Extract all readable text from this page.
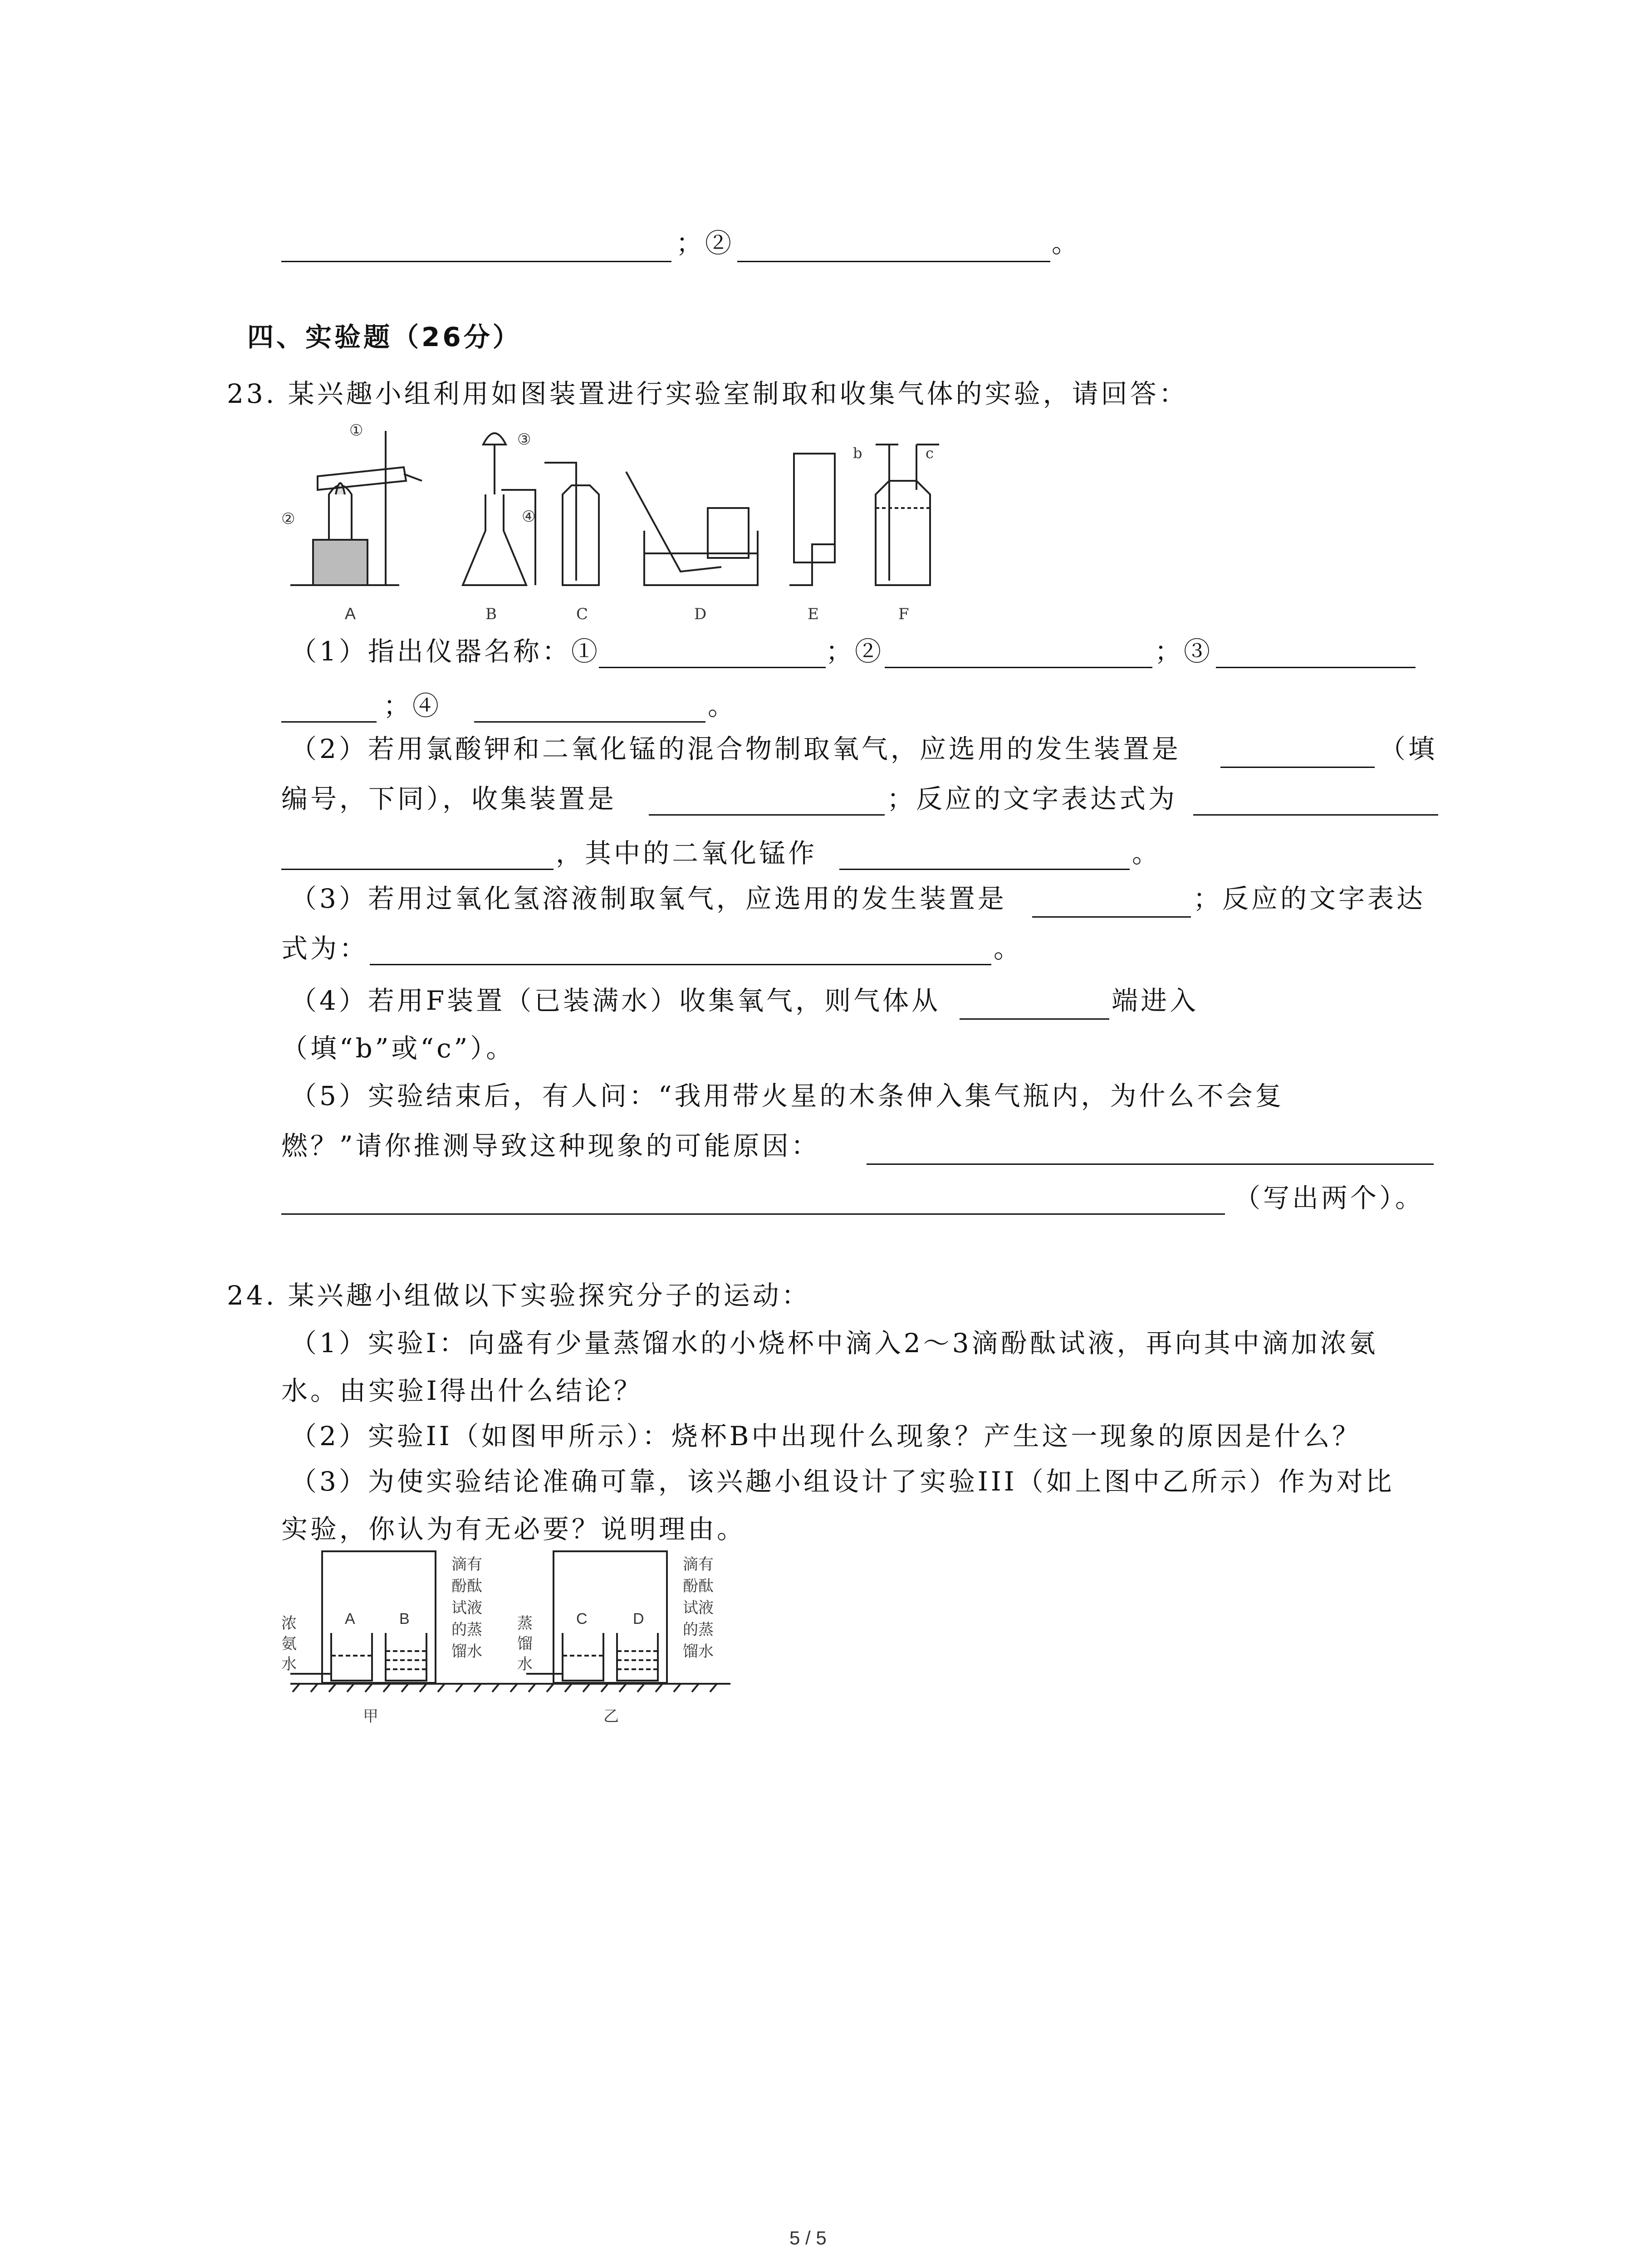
；②	。
四、实验题（26分）
23. 某兴趣小组利用如图装置进行实验室制取和收集气体的实验，请回答：
A	B	C	D	E	F
①
②
③
④
b	c
（1）指出仪器名称：①	；②	；③
；④	。
（2）若用氯酸钾和二氧化锰的混合物制取氧气，应选用的发生装置是	（填
编号，下同），收集装置是	；反应的文字表达式为
，其中的二氧化锰作	。
（3）若用过氧化氢溶液制取氧气，应选用的发生装置是	；反应的文字表达
式为：	。
（4）若用F装置（已装满水）收集氧气，则气体从	端进入
（填“b”或“c”）。
（5）实验结束后，有人问：“我用带火星的木条伸入集气瓶内，为什么不会复
燃？”请你推测导致这种现象的可能原因：
（写出两个）。
24. 某兴趣小组做以下实验探究分子的运动：
（1）实验I：向盛有少量蒸馏水的小烧杯中滴入2～3滴酚酞试液，再向其中滴加浓氨
水。由实验I得出什么结论？
（2）实验II（如图甲所示）：烧杯B中出现什么现象？产生这一现象的原因是什么？
（3）为使实验结论准确可靠，该兴趣小组设计了实验III（如上图中乙所示）作为对比
实验，你认为有无必要？说明理由。
A	B	C	D
浓
氨
水
蒸
馏
水
滴有
酚酞
试液
的蒸
馏水
滴有
酚酞
试液
的蒸
馏水
甲	乙
5 / 5
